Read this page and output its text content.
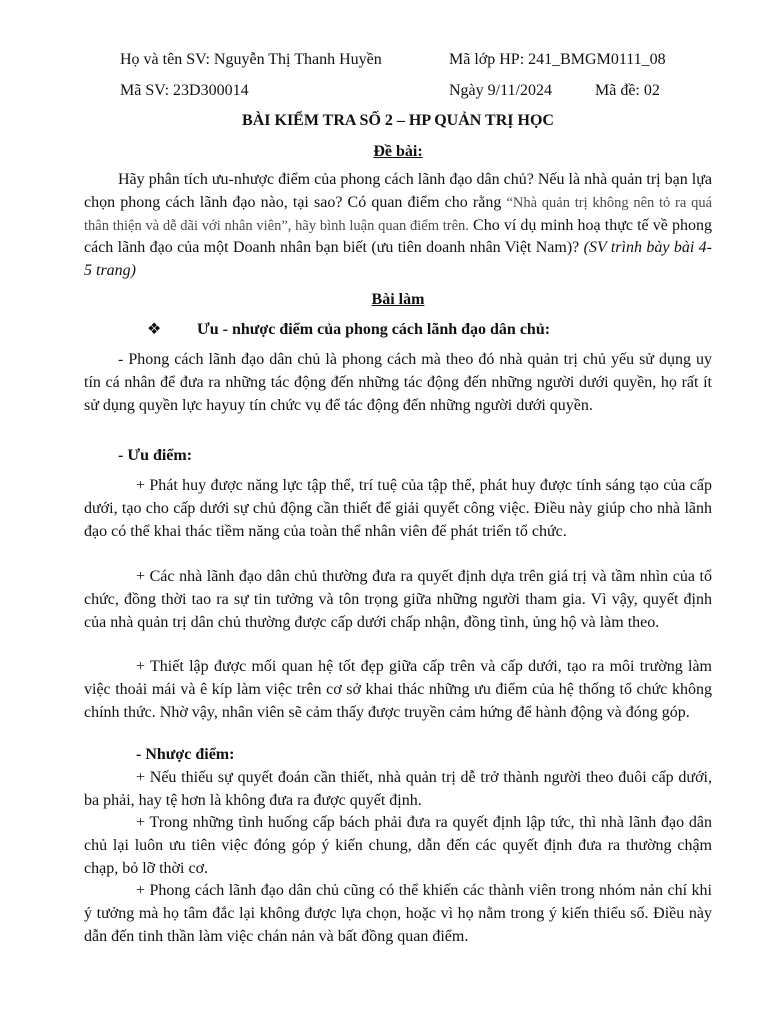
Họ và tên SV: Nguyễn Thị Thanh Huyền	Mã lớp HP: 241_BMGM0111_08

Mã SV: 23D300014	Ngày 9/11/2024	Mã đề: 02

BÀI KIỂM TRA SỐ 2 – HP QUẢN TRỊ HỌC

Đề bài:

Hãy phân tích ưu-nhược điểm của phong cách lãnh đạo dân chủ? Nếu là nhà quản trị bạn lựa chọn phong cách lãnh đạo nào, tại sao? Có quan điểm cho rằng “Nhà quản trị không nên tỏ ra quá thân thiện và dễ dãi với nhân viên”, hãy bình luận quan điểm trên. Cho ví dụ minh hoạ thực tế về phong cách lãnh đạo của một Doanh nhân bạn biết (ưu tiên doanh nhân Việt Nam)? (SV trình bày bài 4-5 trang)

Bài làm

❖ Ưu - nhược điểm của phong cách lãnh đạo dân chủ:

- Phong cách lãnh đạo dân chủ là phong cách mà theo đó nhà quản trị chủ yếu sử dụng uy tín cá nhân để đưa ra những tác động đến những tác động đến những người dưới quyền, họ rất ít sử dụng quyền lực hayuy tín chức vụ để tác động đến những người dưới quyền.

- Ưu điểm:

+ Phát huy được năng lực tập thể, trí tuệ của tập thể, phát huy được tính sáng tạo của cấp dưới, tạo cho cấp dưới sự chủ động cần thiết để giải quyết công việc. Điều này giúp cho nhà lãnh đạo có thể khai thác tiềm năng của toàn thể nhân viên để phát triển tổ chức.

+ Các nhà lãnh đạo dân chủ thường đưa ra quyết định dựa trên giá trị và tầm nhìn của tổ chức, đồng thời tao ra sự tin tưởng và tôn trọng giữa những người tham gia. Vì vậy, quyết định của nhà quản trị dân chủ thường được cấp dưới chấp nhận, đồng tình, ủng hộ và làm theo.

+ Thiết lập được mối quan hệ tốt đẹp giữa cấp trên và cấp dưới, tạo ra môi trường làm việc thoải mái và ê kíp làm việc trên cơ sở khai thác những ưu điểm của hệ thống tổ chức không chính thức. Nhờ vậy, nhân viên sẽ cảm thấy được truyền cảm hứng để hành động và đóng góp.

- Nhược điểm:

+ Nếu thiếu sự quyết đoán cần thiết, nhà quản trị dễ trở thành người theo đuôi cấp dưới, ba phải, hay tệ hơn là không đưa ra được quyết định.

+ Trong những tình huống cấp bách phải đưa ra quyết định lập tức, thì nhà lãnh đạo dân chủ lại luôn ưu tiên việc đóng góp ý kiến chung, dẫn đến các quyết định đưa ra thường chậm chạp, bỏ lỡ thời cơ.

+ Phong cách lãnh đạo dân chủ cũng có thể khiến các thành viên trong nhóm nản chí khi ý tưởng mà họ tâm đắc lại không được lựa chọn, hoặc vì họ nằm trong ý kiến thiểu số. Điều này dẫn đến tinh thần làm việc chán nản và bất đồng quan điểm.
